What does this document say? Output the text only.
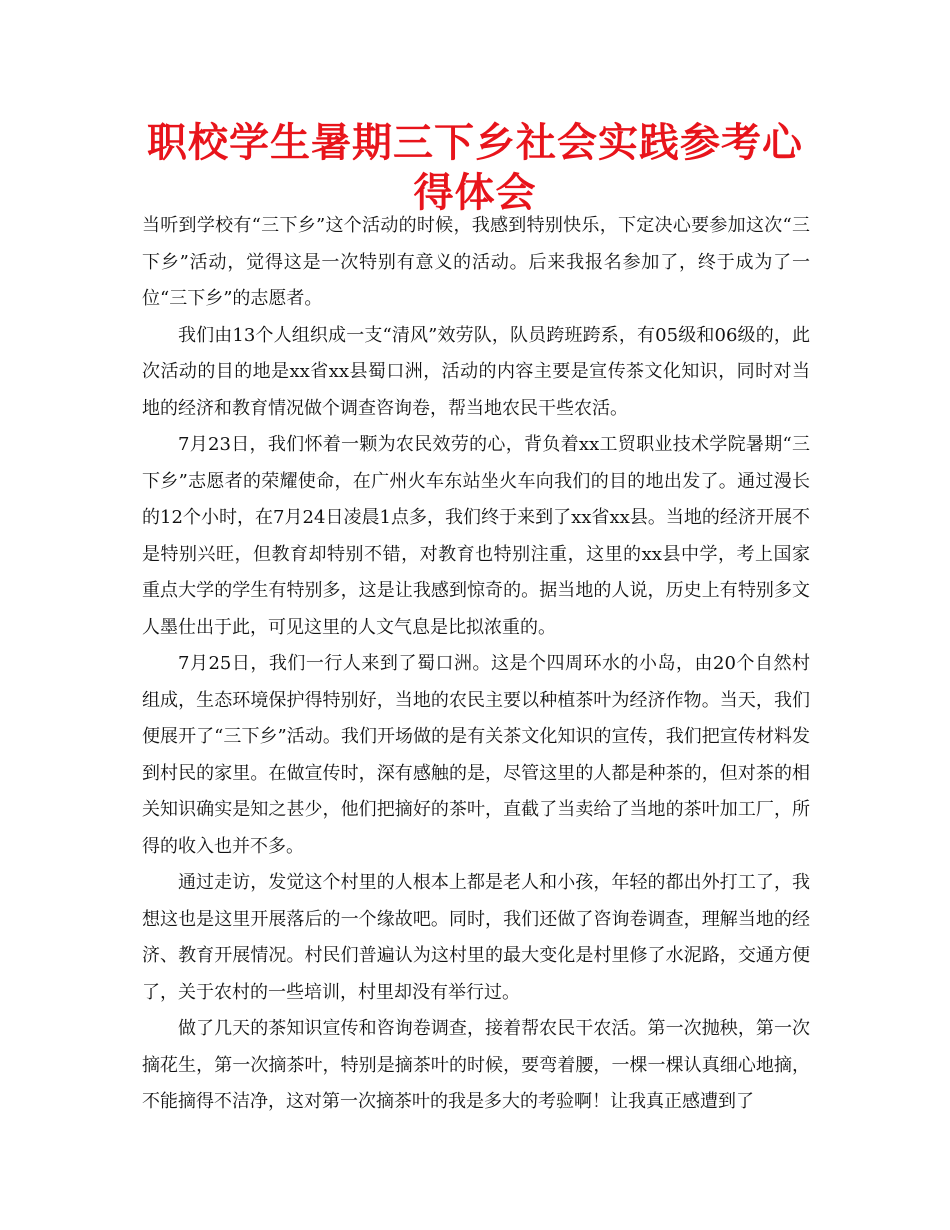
职校学生暑期三下乡社会实践参考心得体会

当听到学校有“三下乡”这个活动的时候，我感到特别快乐，下定决心要参加这次“三下乡”活动，觉得这是一次特别有意义的活动。后来我报名参加了，终于成为了一位“三下乡”的志愿者。

我们由13个人组织成一支“清风”效劳队，队员跨班跨系，有05级和06级的，此次活动的目的地是xx省xx县蜀口洲，活动的内容主要是宣传茶文化知识，同时对当地的经济和教育情况做个调查咨询卷，帮当地农民干些农活。

7月23日，我们怀着一颗为农民效劳的心，背负着xx工贸职业技术学院暑期“三下乡”志愿者的荣耀使命，在广州火车东站坐火车向我们的目的地出发了。通过漫长的12个小时，在7月24日凌晨1点多，我们终于来到了xx省xx县。当地的经济开展不是特别兴旺，但教育却特别不错，对教育也特别注重，这里的xx县中学，考上国家重点大学的学生有特别多，这是让我感到惊奇的。据当地的人说，历史上有特别多文人墨仕出于此，可见这里的人文气息是比拟浓重的。

7月25日，我们一行人来到了蜀口洲。这是个四周环水的小岛，由20个自然村组成，生态环境保护得特别好，当地的农民主要以种植茶叶为经济作物。当天，我们便展开了“三下乡”活动。我们开场做的是有关茶文化知识的宣传，我们把宣传材料发到村民的家里。在做宣传时，深有感触的是，尽管这里的人都是种茶的，但对茶的相关知识确实是知之甚少，他们把摘好的茶叶，直截了当卖给了当地的茶叶加工厂，所得的收入也并不多。

通过走访，发觉这个村里的人根本上都是老人和小孩，年轻的都出外打工了，我想这也是这里开展落后的一个缘故吧。同时，我们还做了咨询卷调查，理解当地的经济、教育开展情况。村民们普遍认为这村里的最大变化是村里修了水泥路，交通方便了，关于农村的一些培训，村里却没有举行过。

做了几天的茶知识宣传和咨询卷调查，接着帮农民干农活。第一次抛秧，第一次摘花生，第一次摘茶叶，特别是摘茶叶的时候，要弯着腰，一棵一棵认真细心地摘，不能摘得不洁净，这对第一次摘茶叶的我是多大的考验啊！让我真正感遭到了
